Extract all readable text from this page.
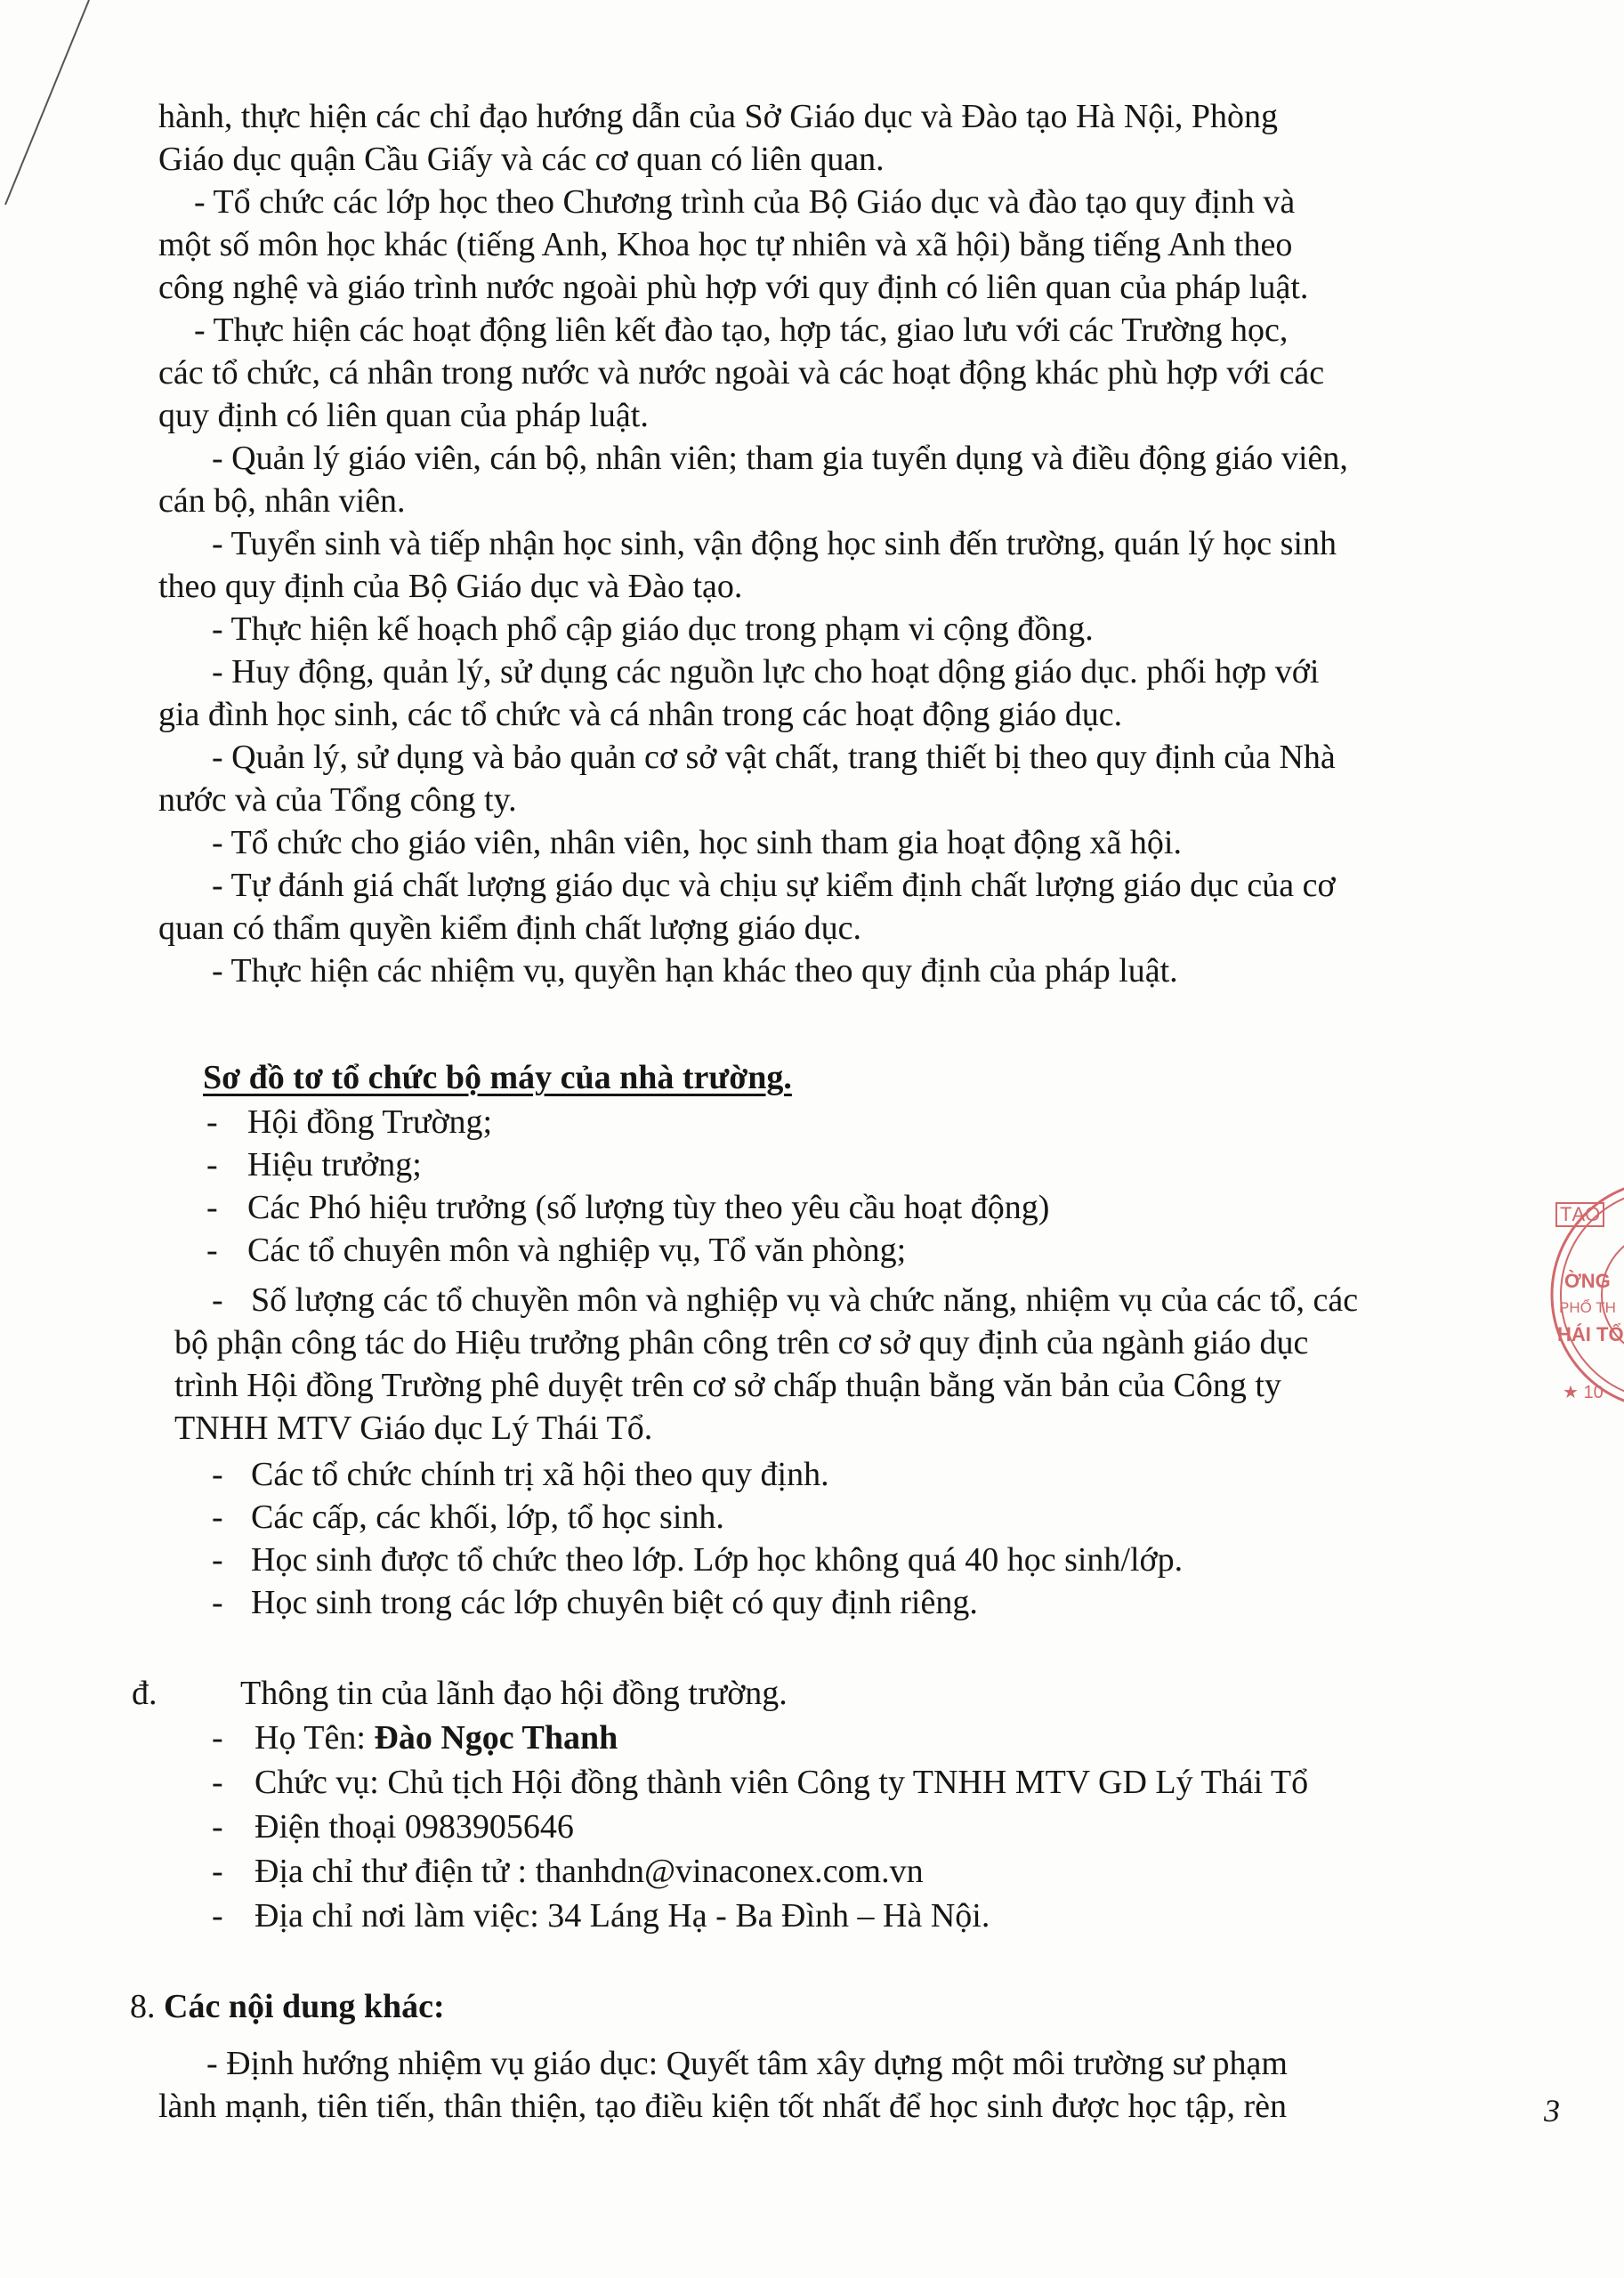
hành, thực hiện các chỉ đạo hướng dẫn của Sở Giáo dục và Đào tạo Hà Nội, Phòng

Giáo dục quận Cầu Giấy và các cơ quan có liên quan.

- Tổ chức các lớp học theo Chương trình của Bộ Giáo dục và đào tạo quy định và

một số môn học khác (tiếng Anh, Khoa học tự nhiên và xã hội) bằng tiếng Anh theo

công nghệ và giáo trình nước ngoài phù hợp với quy định có liên quan của pháp luật.

- Thực hiện các hoạt động liên kết đào tạo, hợp tác, giao lưu với các Trường học,

các tổ chức, cá nhân trong nước và nước ngoài và các hoạt động khác phù hợp với các

quy định có liên quan của pháp luật.

- Quản lý giáo viên, cán bộ, nhân viên; tham gia tuyển dụng và điều động giáo viên,

cán bộ, nhân viên.

- Tuyển sinh và tiếp nhận học sinh, vận động học sinh đến trường, quán lý học sinh

theo quy định của Bộ Giáo dục và Đào tạo.

- Thực hiện kế hoạch phổ cập giáo dục trong phạm vi cộng đồng.

- Huy động, quản lý, sử dụng các nguồn lực cho hoạt dộng giáo dục. phối hợp với

gia đình học sinh, các tổ chức và cá nhân trong các hoạt động giáo dục.

- Quản lý, sử dụng và bảo quản cơ sở vật chất, trang thiết bị theo quy định của Nhà

nước và của Tổng công ty.

- Tổ chức cho giáo viên, nhân viên, học sinh tham gia hoạt động xã hội.

- Tự đánh giá chất lượng giáo dục và chịu sự kiểm định chất lượng giáo dục của cơ

quan có thẩm quyền kiểm định chất lượng giáo dục.

- Thực hiện các nhiệm vụ, quyền hạn khác theo quy định của pháp luật.

Sơ đồ tơ tổ chức bộ máy của nhà trường.

- Hội đồng Trường;

- Hiệu trưởng;

- Các Phó hiệu trưởng (số lượng tùy theo yêu cầu hoạt động)

- Các tổ chuyên môn và nghiệp vụ, Tổ văn phòng;

- Số lượng các tổ chuyền môn và nghiệp vụ và chức năng, nhiệm vụ của các tổ, các

bộ phận công tác do Hiệu trưởng phân công trên cơ sở quy định của ngành giáo dục

trình Hội đồng Trường phê duyệt trên cơ sở chấp thuận bằng văn bản của Công ty

TNHH MTV Giáo dục Lý Thái Tổ.

- Các tổ chức chính trị xã hội theo quy định.

- Các cấp, các khối, lớp, tổ học sinh.

- Học sinh được tổ chức theo lớp. Lớp học không quá 40 học sinh/lớp.

- Học sinh trong các lớp chuyên biệt có quy định riêng.

đ. Thông tin của lãnh đạo hội đồng trường.

- Họ Tên: Đào Ngọc Thanh

- Chức vụ: Chủ tịch Hội đồng thành viên Công ty TNHH MTV GD Lý Thái Tổ

- Điện thoại 0983905646

- Địa chỉ thư điện tử : thanhdn@vinaconex.com.vn

- Địa chỉ nơi làm việc: 34 Láng Hạ - Ba Đình – Hà Nội.

8. Các nội dung khác:

- Định hướng nhiệm vụ giáo dục: Quyết tâm xây dựng một môi trường sư phạm

lành mạnh, tiên tiến, thân thiện, tạo điều kiện tốt nhất để học sinh được học tập, rèn	3
TẠO
ỜNG
PHỔ TH
HÁI TỔ
★ 10
